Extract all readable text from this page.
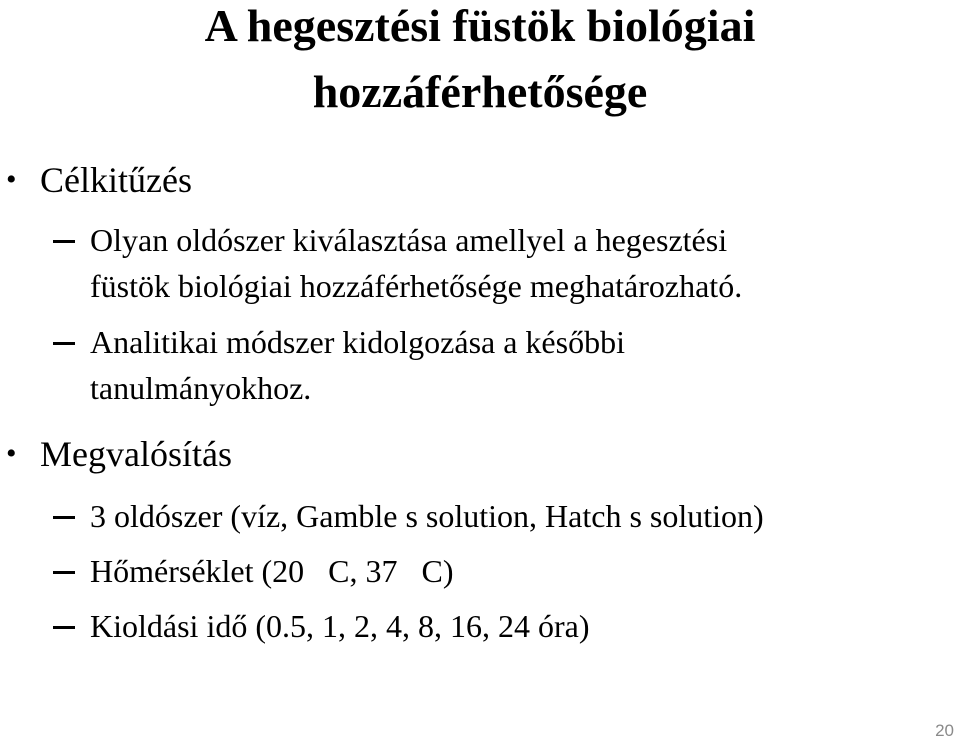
A hegesztési füstök biológiai
hozzáférhetősége
• Célkitűzés
Olyan oldószer kiválasztása amellyel a hegesztési
füstök biológiai hozzáférhetősége meghatározható.
Analitikai módszer kidolgozása a későbbi
tanulmányokhoz.
• Megvalósítás
3 oldószer (víz, Gamble s solution, Hatch s solution)
Hőmérséklet (20   C, 37   C)
Kioldási idő (0.5, 1, 2, 4, 8, 16, 24 óra)
20
